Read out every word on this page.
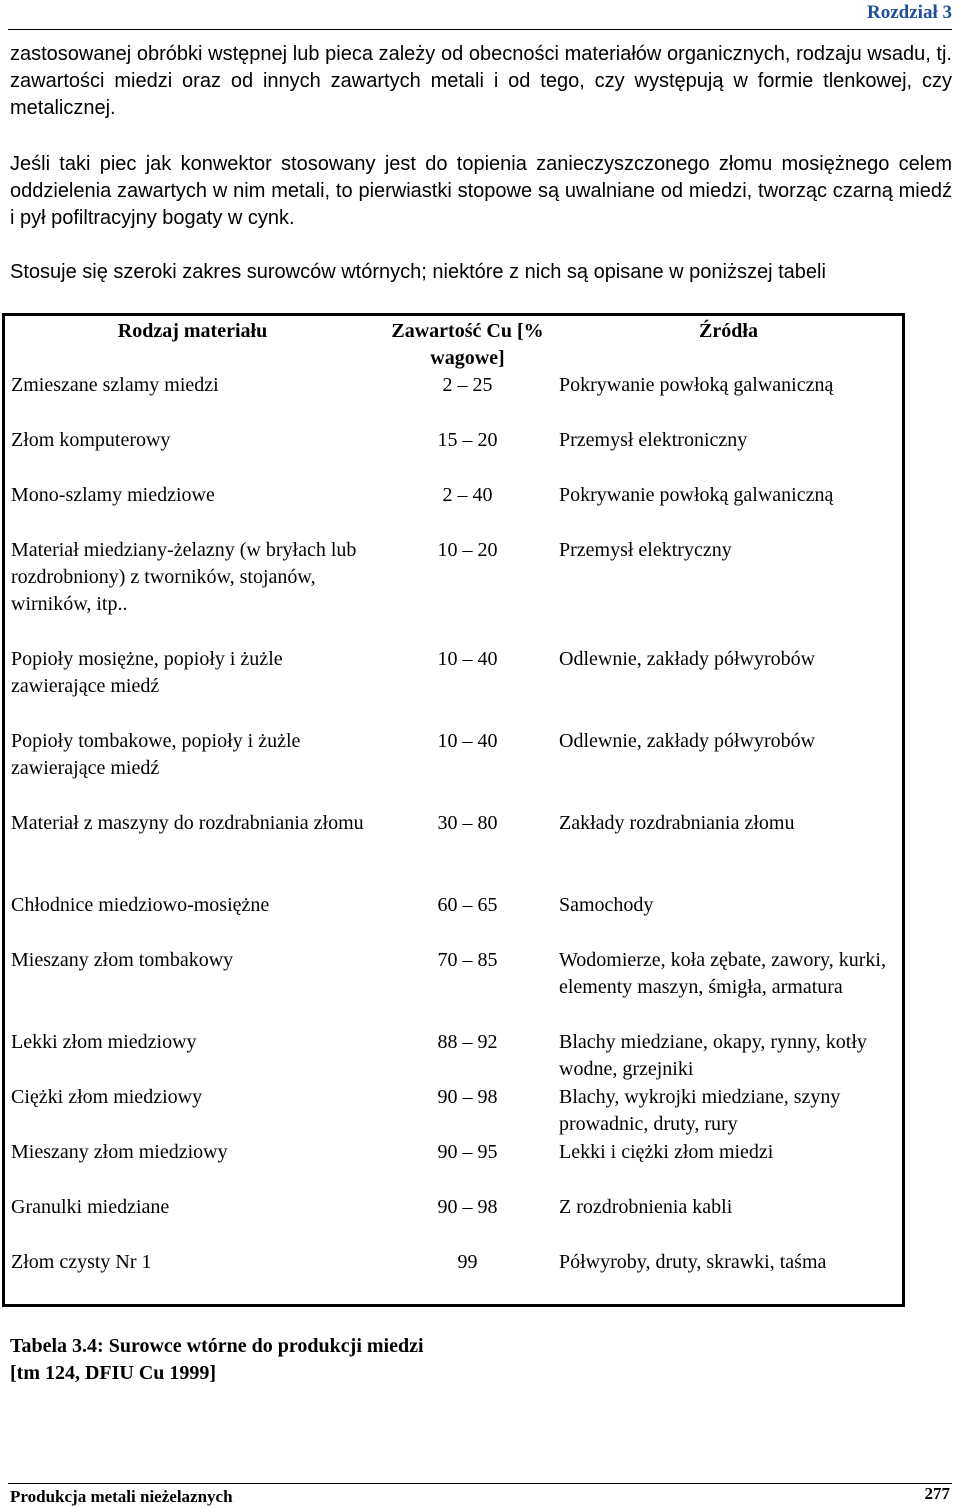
Rozdział 3

zastosowanej obróbki wstępnej lub pieca zależy od obecności materiałów organicznych, rodzaju wsadu, tj. zawartości miedzi oraz od innych zawartych metali i od tego, czy występują w formie tlenkowej, czy metalicznej.

Jeśli taki piec jak konwektor stosowany jest do topienia zanieczyszczonego złomu mosiężnego celem oddzielenia zawartych w nim metali, to pierwiastki stopowe są uwalniane od miedzi, tworząc czarną miedź i pył pofiltracyjny bogaty w cynk.

Stosuje się szeroki zakres surowców wtórnych; niektóre z nich są opisane w poniższej tabeli

Rodzaj materiału	Zawartość Cu [% wagowe]	Źródła
Zmieszane szlamy miedzi	2 – 25	Pokrywanie powłoką galwaniczną
Złom komputerowy	15 – 20	Przemysł elektroniczny
Mono-szlamy miedziowe	2 – 40	Pokrywanie powłoką galwaniczną
Materiał miedziany-żelazny (w bryłach lub rozdrobniony) z tworników, stojanów, wirników, itp..	10 – 20	Przemysł elektryczny
Popioły mosiężne, popioły i żużle zawierające miedź	10 – 40	Odlewnie, zakłady półwyrobów
Popioły tombakowe, popioły i żużle zawierające miedź	10 – 40	Odlewnie, zakłady półwyrobów
Materiał z maszyny do rozdrabniania złomu	30 – 80	Zakłady rozdrabniania złomu
Chłodnice miedziowo-mosiężne	60 – 65	Samochody
Mieszany złom tombakowy	70 – 85	Wodomierze, koła zębate, zawory, kurki, elementy maszyn, śmigła, armatura
Lekki złom miedziowy	88 – 92	Blachy miedziane, okapy, rynny, kotły wodne, grzejniki
Ciężki złom miedziowy	90 – 98	Blachy, wykrojki miedziane, szyny prowadnic, druty, rury
Mieszany złom miedziowy	90 – 95	Lekki i ciężki złom miedzi
Granulki miedziane	90 – 98	Z rozdrobnienia kabli
Złom czysty Nr 1	99	Półwyroby, druty, skrawki, taśma

Tabela 3.4: Surowce wtórne do produkcji miedzi
[tm 124, DFIU Cu 1999]

Produkcja metali nieżelaznych	277
